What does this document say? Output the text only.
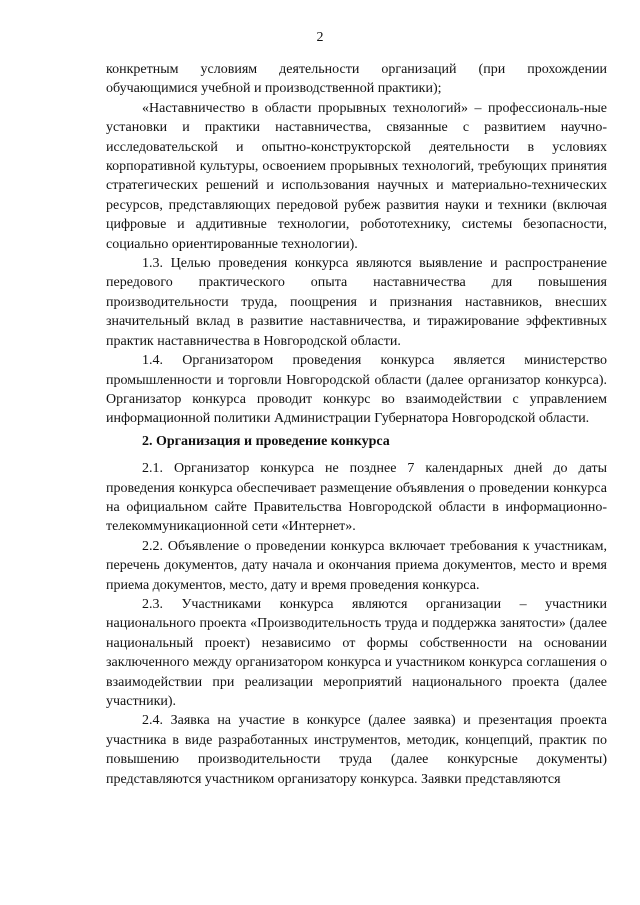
2

конкретным условиям деятельности организаций (при прохождении обучающимися учебной и производственной практики);

«Наставничество в области прорывных технологий» – профессиональ-ные установки и практики наставничества, связанные с развитием научно-исследовательской и опытно-конструкторской деятельности в условиях корпоративной культуры, освоением прорывных технологий, требующих принятия стратегических решений и использования научных и материально-технических ресурсов, представляющих передовой рубеж развития науки и техники (включая цифровые и аддитивные технологии, робототехнику, системы безопасности, социально ориентированные технологии).

1.3. Целью проведения конкурса являются выявление и распространение передового практического опыта наставничества для повышения производительности труда, поощрения и признания наставников, внесших значительный вклад в развитие наставничества, и тиражирование эффективных практик наставничества в Новгородской области.

1.4. Организатором проведения конкурса является министерство промышленности и торговли Новгородской области (далее организатор конкурса). Организатор конкурса проводит конкурс во взаимодействии с управлением информационной политики Администрации Губернатора Новгородской области.

2. Организация и проведение конкурса

2.1. Организатор конкурса не позднее 7 календарных дней до даты проведения конкурса обеспечивает размещение объявления о проведении конкурса на официальном сайте Правительства Новгородской области в информационно-телекоммуникационной сети «Интернет».

2.2. Объявление о проведении конкурса включает требования к участникам, перечень документов, дату начала и окончания приема документов, место и время приема документов, место, дату и время проведения конкурса.

2.3. Участниками конкурса являются организации – участники национального проекта «Производительность труда и поддержка занятости» (далее национальный проект) независимо от формы собственности на основании заключенного между организатором конкурса и участником конкурса соглашения о взаимодействии при реализации мероприятий национального проекта (далее участники).

2.4. Заявка на участие в конкурсе (далее заявка) и презентация проекта участника в виде разработанных инструментов, методик, концепций, практик по повышению производительности труда (далее конкурсные документы) представляются участником организатору конкурса. Заявки представляются
